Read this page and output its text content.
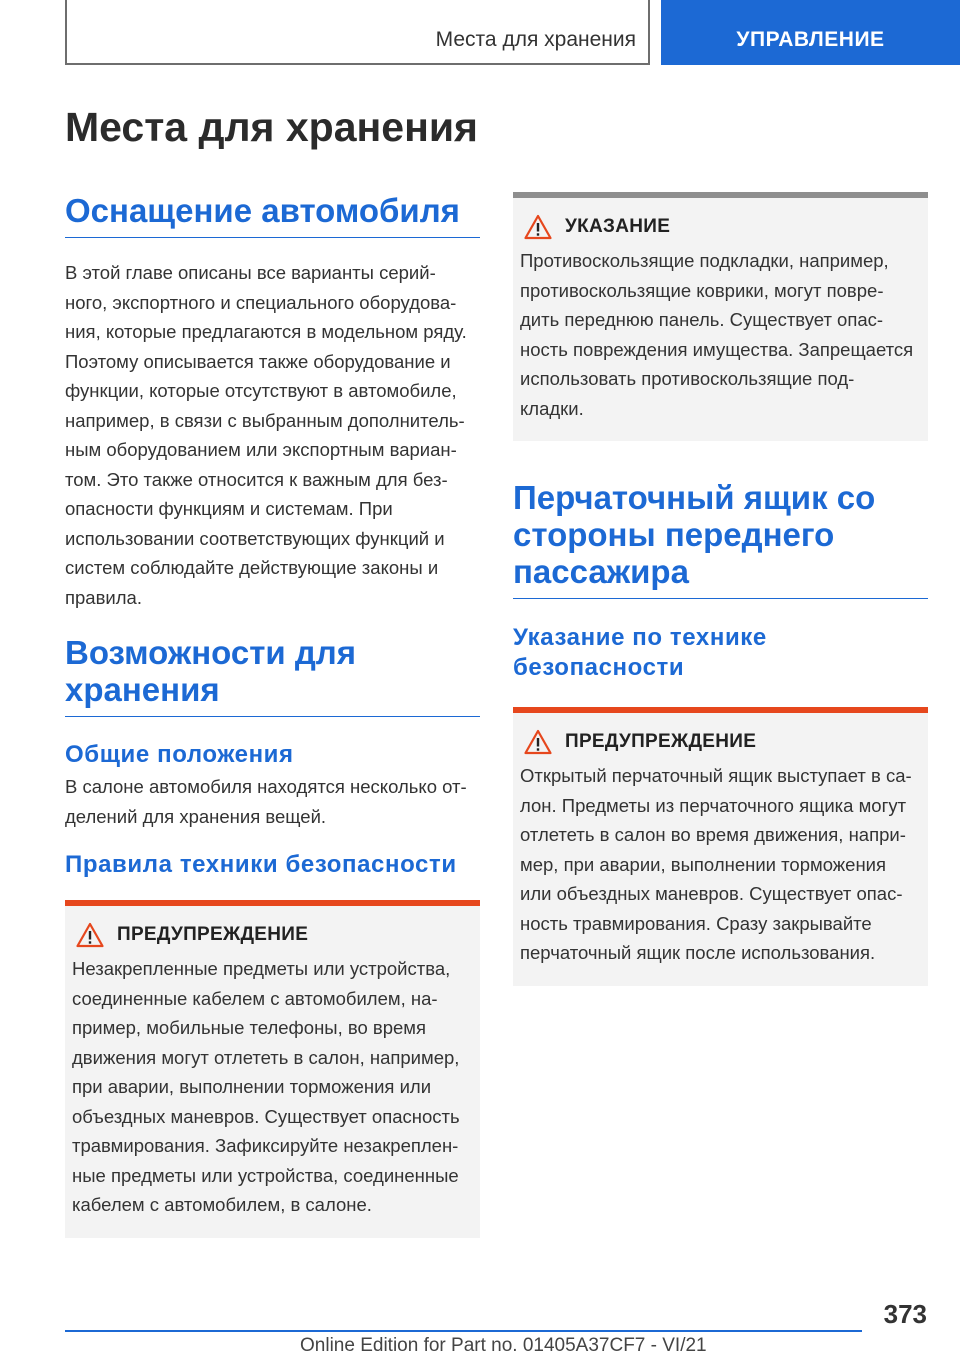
Места для хранения	УПРАВЛЕНИЕ
Места для хранения
Оснащение автомобиля

В этой главе описаны все варианты серий-
ного, экспортного и специального оборудова-
ния, которые предлагаются в модельном ряду.
Поэтому описывается также оборудование и
функции, которые отсутствуют в автомобиле,
например, в связи с выбранным дополнитель-
ным оборудованием или экспортным вариан-
том. Это также относится к важным для без-
опасности функциям и системам. При
использовании соответствующих функций и
систем соблюдайте действующие законы и
правила.

Возможности для
хранения
Общие положения

В салоне автомобиля находятся несколько от-
делений для хранения вещей.

Правила техники безопасности
ПРЕДУПРЕЖДЕНИЕ

Незакрепленные предметы или устройства,
соединенные кабелем с автомобилем, на-
пример, мобильные телефоны, во время
движения могут отлететь в салон, например,
при аварии, выполнении торможения или
объездных маневров. Существует опасность
травмирования. Зафиксируйте незакреплен-
ные предметы или устройства, соединенные
кабелем с автомобилем, в салоне.

УКАЗАНИЕ

Противоскользящие подкладки, например,
противоскользящие коврики, могут повре-
дить переднюю панель. Существует опас-
ность повреждения имущества. Запрещается
использовать противоскользящие под-
кладки.

Перчаточный ящик со
стороны переднего
пассажира
Указание по технике
безопасности
ПРЕДУПРЕЖДЕНИЕ

Открытый перчаточный ящик выступает в са-
лон. Предметы из перчаточного ящика могут
отлететь в салон во время движения, напри-
мер, при аварии, выполнении торможения
или объездных маневров. Существует опас-
ность травмирования. Сразу закрывайте
перчаточный ящик после использования.

373
Online Edition for Part no. 01405A37CF7 - VI/21
